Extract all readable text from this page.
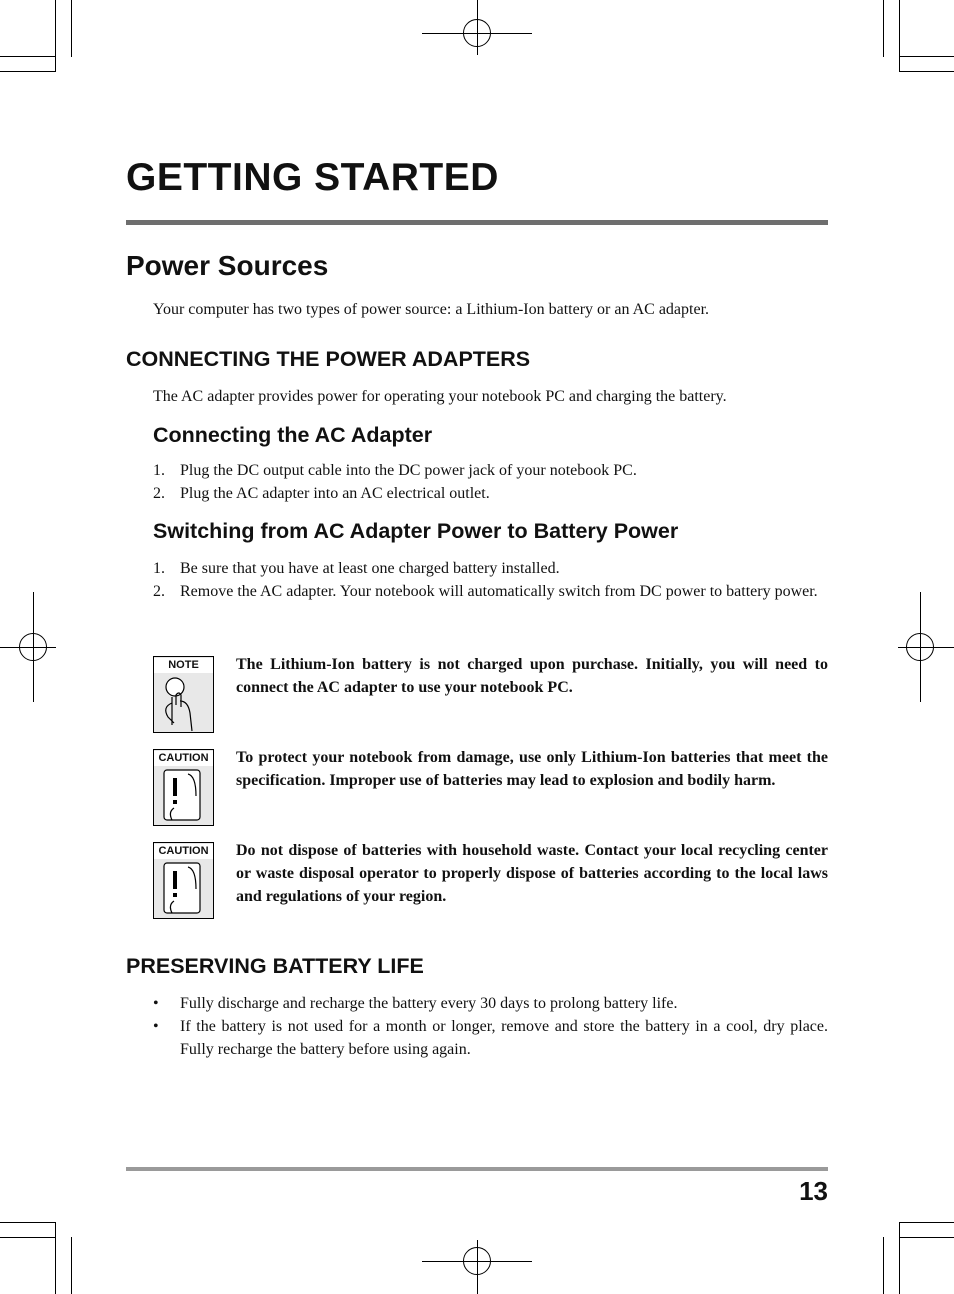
GETTING STARTED
Power Sources

Your computer has two types of power source: a Lithium-Ion battery or an AC adapter.

CONNECTING THE POWER ADAPTERS

The AC adapter provides power for operating your notebook PC and charging the battery.

Connecting the AC Adapter
1. Plug the DC output cable into the DC power jack of your notebook PC.
2. Plug the AC adapter into an AC electrical outlet.
Switching from AC Adapter Power to Battery Power
1. Be sure that you have at least one charged battery installed.
2. Remove the AC adapter. Your notebook will automatically switch from DC power to battery power.
NOTE	The Lithium-Ion battery is not charged upon purchase. Initially, you will need to connect the AC adapter to use your notebook PC.
CAUTION To protect your notebook from damage, use only Lithium-Ion batteries that meet the specification. Improper use of batteries may lead to explosion and bodily harm.
CAUTION Do not dispose of batteries with household waste. Contact your local recycling center or waste disposal operator to properly dispose of batteries according to the local laws and regulations of your region.
PRESERVING BATTERY LIFE
•	Fully discharge and recharge the battery every 30 days to prolong battery life.
•	If the battery is not used for a month or longer, remove and store the battery in a cool, dry place. Fully recharge the battery before using again.
13
